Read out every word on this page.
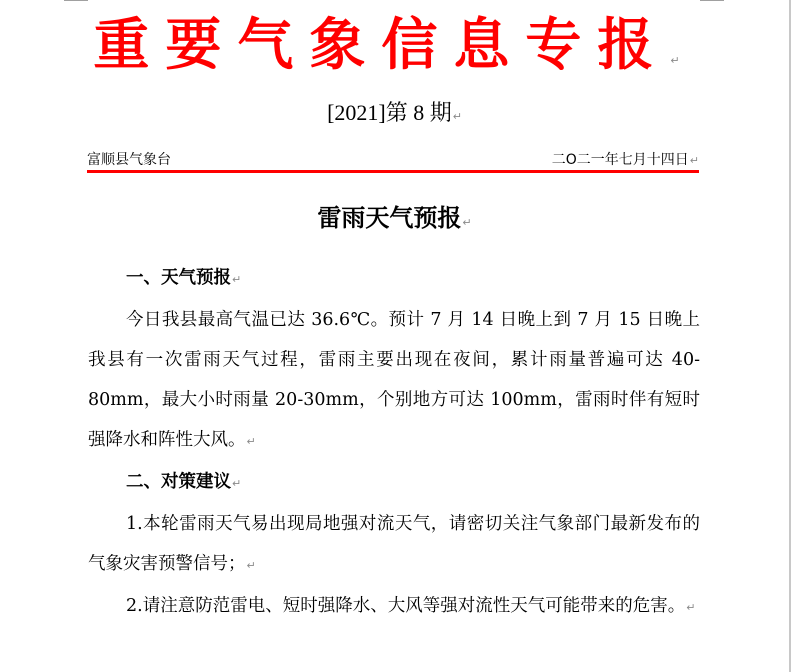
重要气象信息专报↵
[2021]第 8 期↵
富顺县气象台	二O二一年七月十四日↵
雷雨天气预报↵

一、天气预报↵

今日我县最高气温已达 36.6℃。预计 7 月 14 日晚上到 7 月 15 日晚上我县有一次雷雨天气过程，雷雨主要出现在夜间，累计雨量普遍可达 40-80mm，最大小时雨量 20-30mm，个别地方可达 100mm，雷雨时伴有短时强降水和阵性大风。↵

二、对策建议↵

1.本轮雷雨天气易出现局地强对流天气，请密切关注气象部门最新发布的气象灾害预警信号；↵

2.请注意防范雷电、短时强降水、大风等强对流性天气可能带来的危害。↵
